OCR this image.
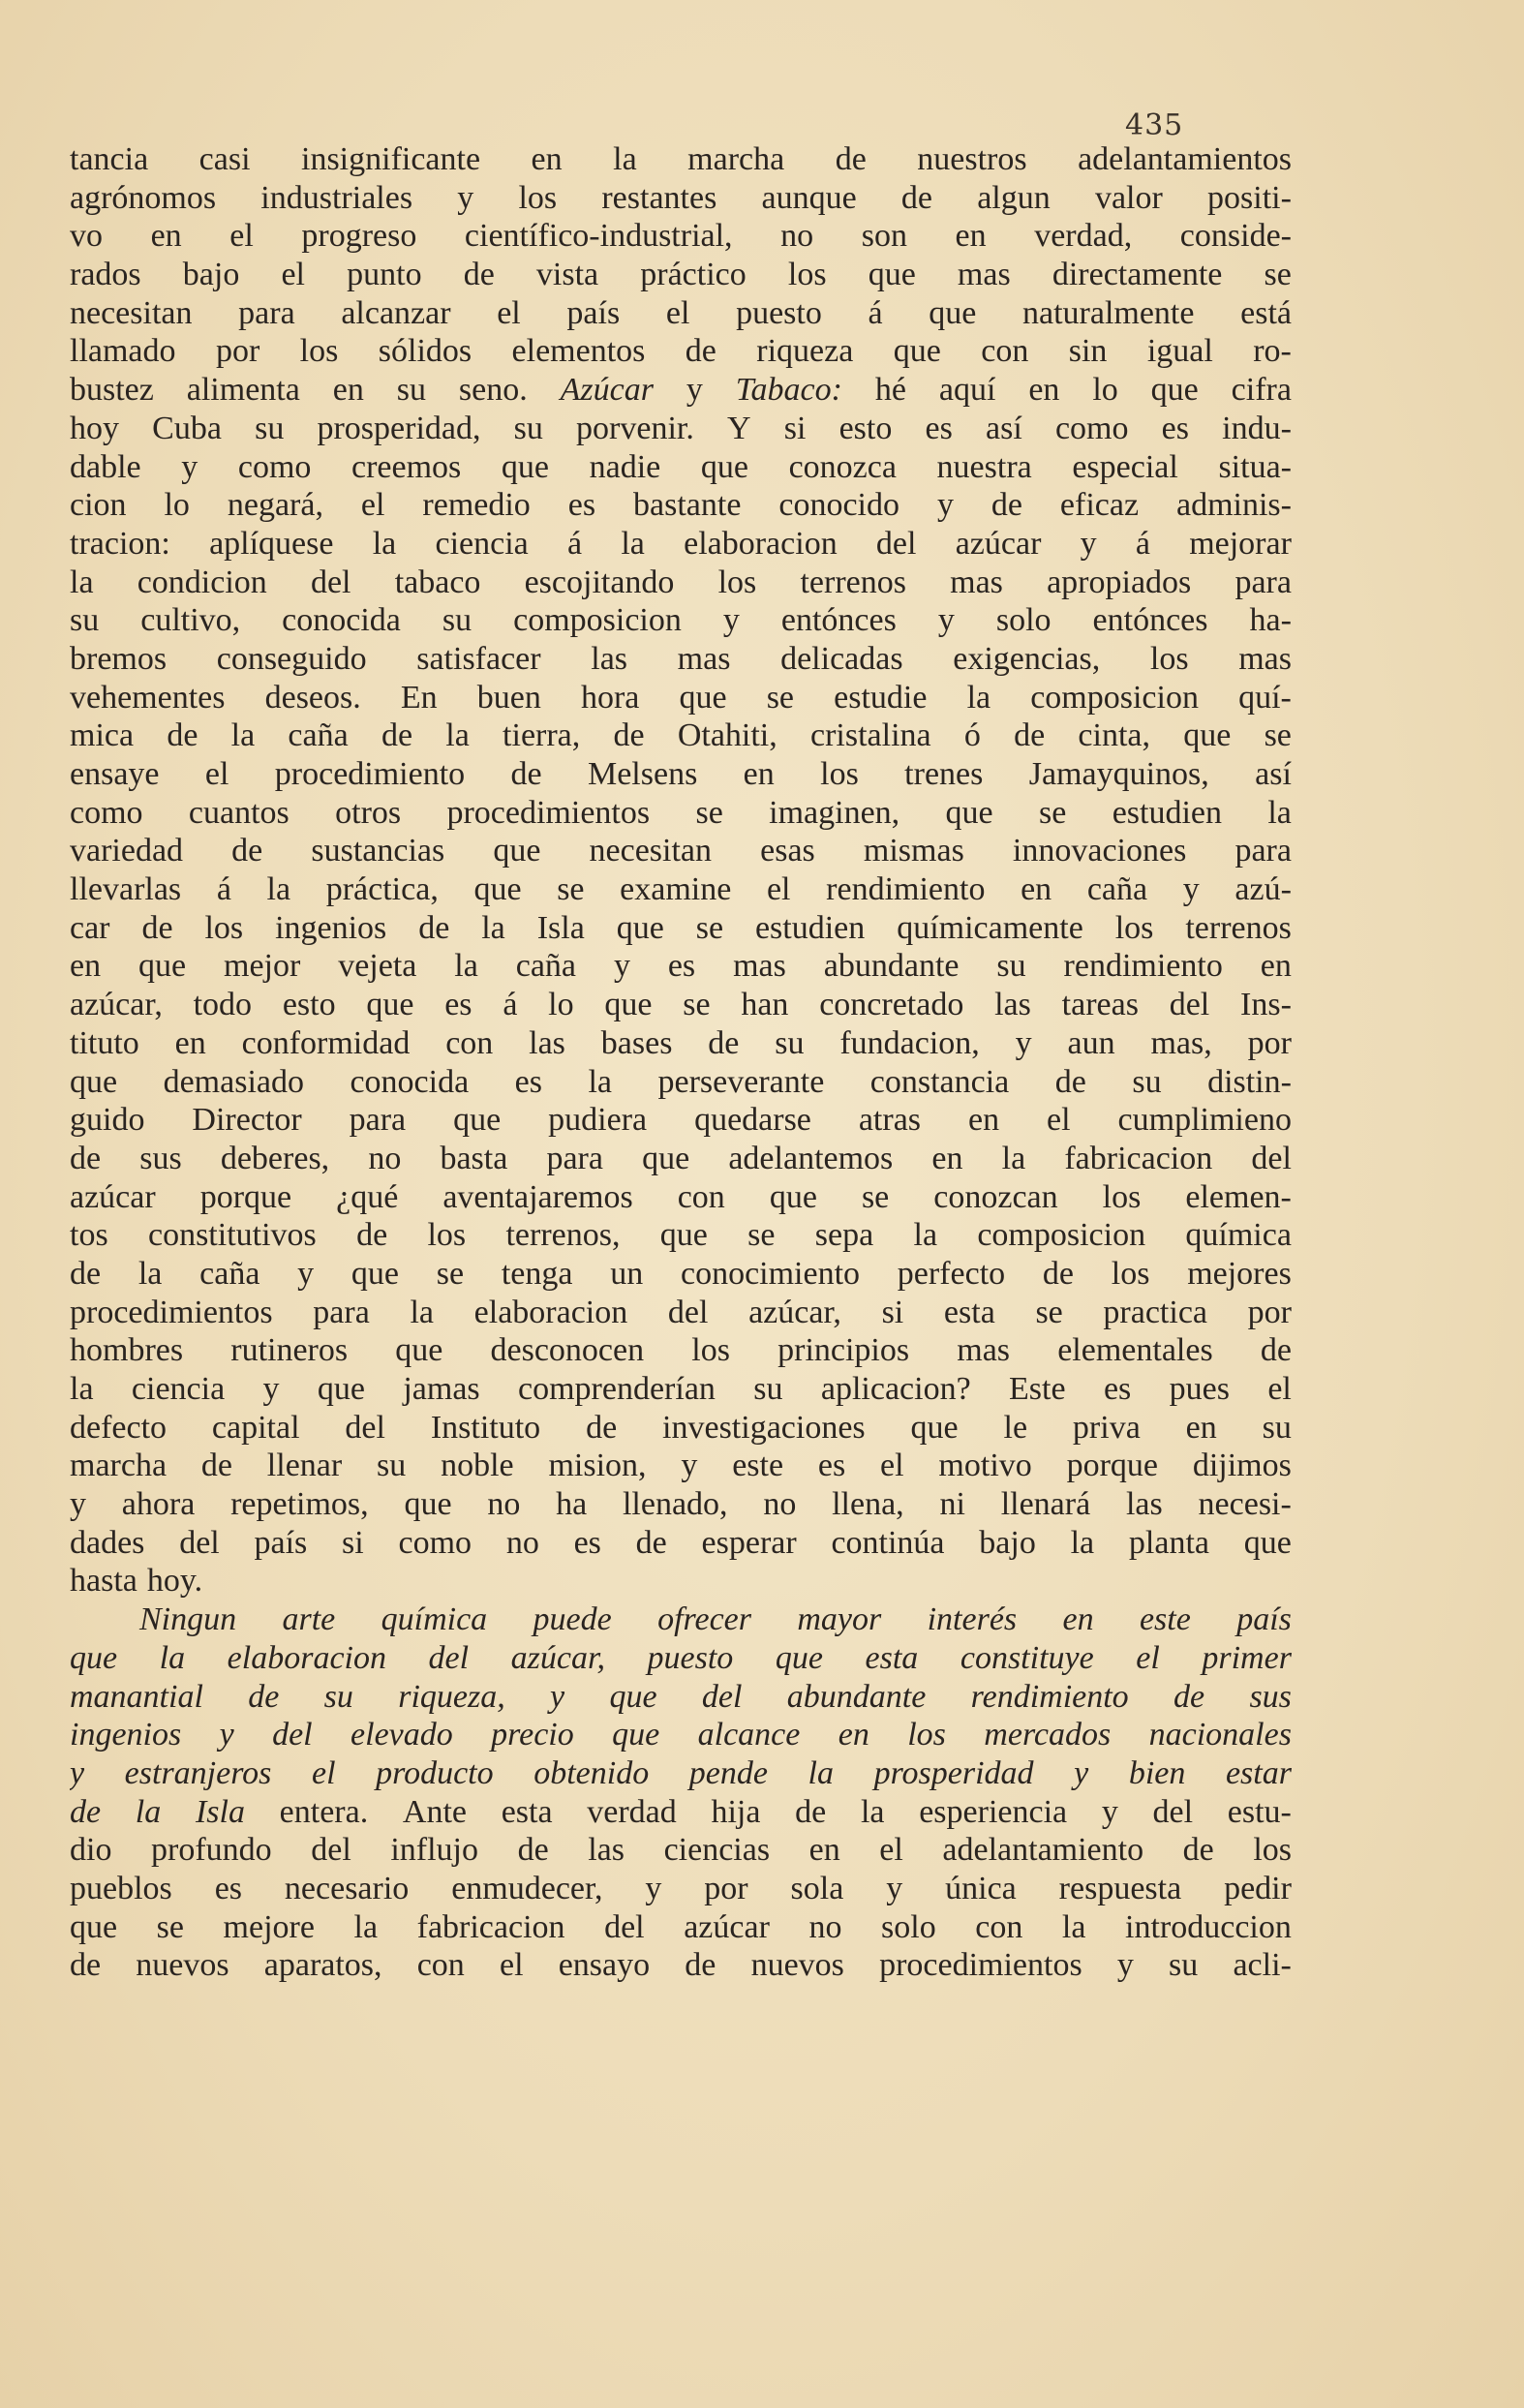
435
tancia casi insignificante en la marcha de nuestros adelantamientos
agrónomos industriales y los restantes aunque de algun valor positi-
vo en el progreso científico-industrial, no son en verdad, conside-
rados bajo el punto de vista práctico los que mas directamente se
necesitan para alcanzar el país el puesto á que naturalmente está
llamado por los sólidos elementos de riqueza que con sin igual ro-
bustez alimenta en su seno. Azúcar y Tabaco: hé aquí en lo que cifra
hoy Cuba su prosperidad, su porvenir. Y si esto es así como es indu-
dable y como creemos que nadie que conozca nuestra especial situa-
cion lo negará, el remedio es bastante conocido y de eficaz adminis-
tracion: aplíquese la ciencia á la elaboracion del azúcar y á mejorar
la condicion del tabaco escojitando los terrenos mas apropiados para
su cultivo, conocida su composicion y entónces y solo entónces ha-
bremos conseguido satisfacer las mas delicadas exigencias, los mas
vehementes deseos. En buen hora que se estudie la composicion quí-
mica de la caña de la tierra, de Otahiti, cristalina ó de cinta, que se
ensaye el procedimiento de Melsens en los trenes Jamayquinos, así
como cuantos otros procedimientos se imaginen, que se estudien la
variedad de sustancias que necesitan esas mismas innovaciones para
llevarlas á la práctica, que se examine el rendimiento en caña y azú-
car de los ingenios de la Isla que se estudien químicamente los terrenos
en que mejor vejeta la caña y es mas abundante su rendimiento en
azúcar, todo esto que es á lo que se han concretado las tareas del Ins-
tituto en conformidad con las bases de su fundacion, y aun mas, por
que demasiado conocida es la perseverante constancia de su distin-
guido Director para que pudiera quedarse atras en el cumplimieno
de sus deberes, no basta para que adelantemos en la fabricacion del
azúcar porque ¿qué aventajaremos con que se conozcan los elemen-
tos constitutivos de los terrenos, que se sepa la composicion química
de la caña y que se tenga un conocimiento perfecto de los mejores
procedimientos para la elaboracion del azúcar, si esta se practica por
hombres rutineros que desconocen los principios mas elementales de
la ciencia y que jamas comprenderían su aplicacion? Este es pues el
defecto capital del Instituto de investigaciones que le priva en su
marcha de llenar su noble mision, y este es el motivo porque dijimos
y ahora repetimos, que no ha llenado, no llena, ni llenará las necesi-
dades del país si como no es de esperar continúa bajo la planta que
hasta hoy.
Ningun arte química puede ofrecer mayor interés en este país
que la elaboracion del azúcar, puesto que esta constituye el primer
manantial de su riqueza, y que del abundante rendimiento de sus
ingenios y del elevado precio que alcance en los mercados nacionales
y estranjeros el producto obtenido pende la prosperidad y bien estar
de la Isla entera. Ante esta verdad hija de la esperiencia y del estu-
dio profundo del influjo de las ciencias en el adelantamiento de los
pueblos es necesario enmudecer, y por sola y única respuesta pedir
que se mejore la fabricacion del azúcar no solo con la introduccion
de nuevos aparatos, con el ensayo de nuevos procedimientos y su acli-
